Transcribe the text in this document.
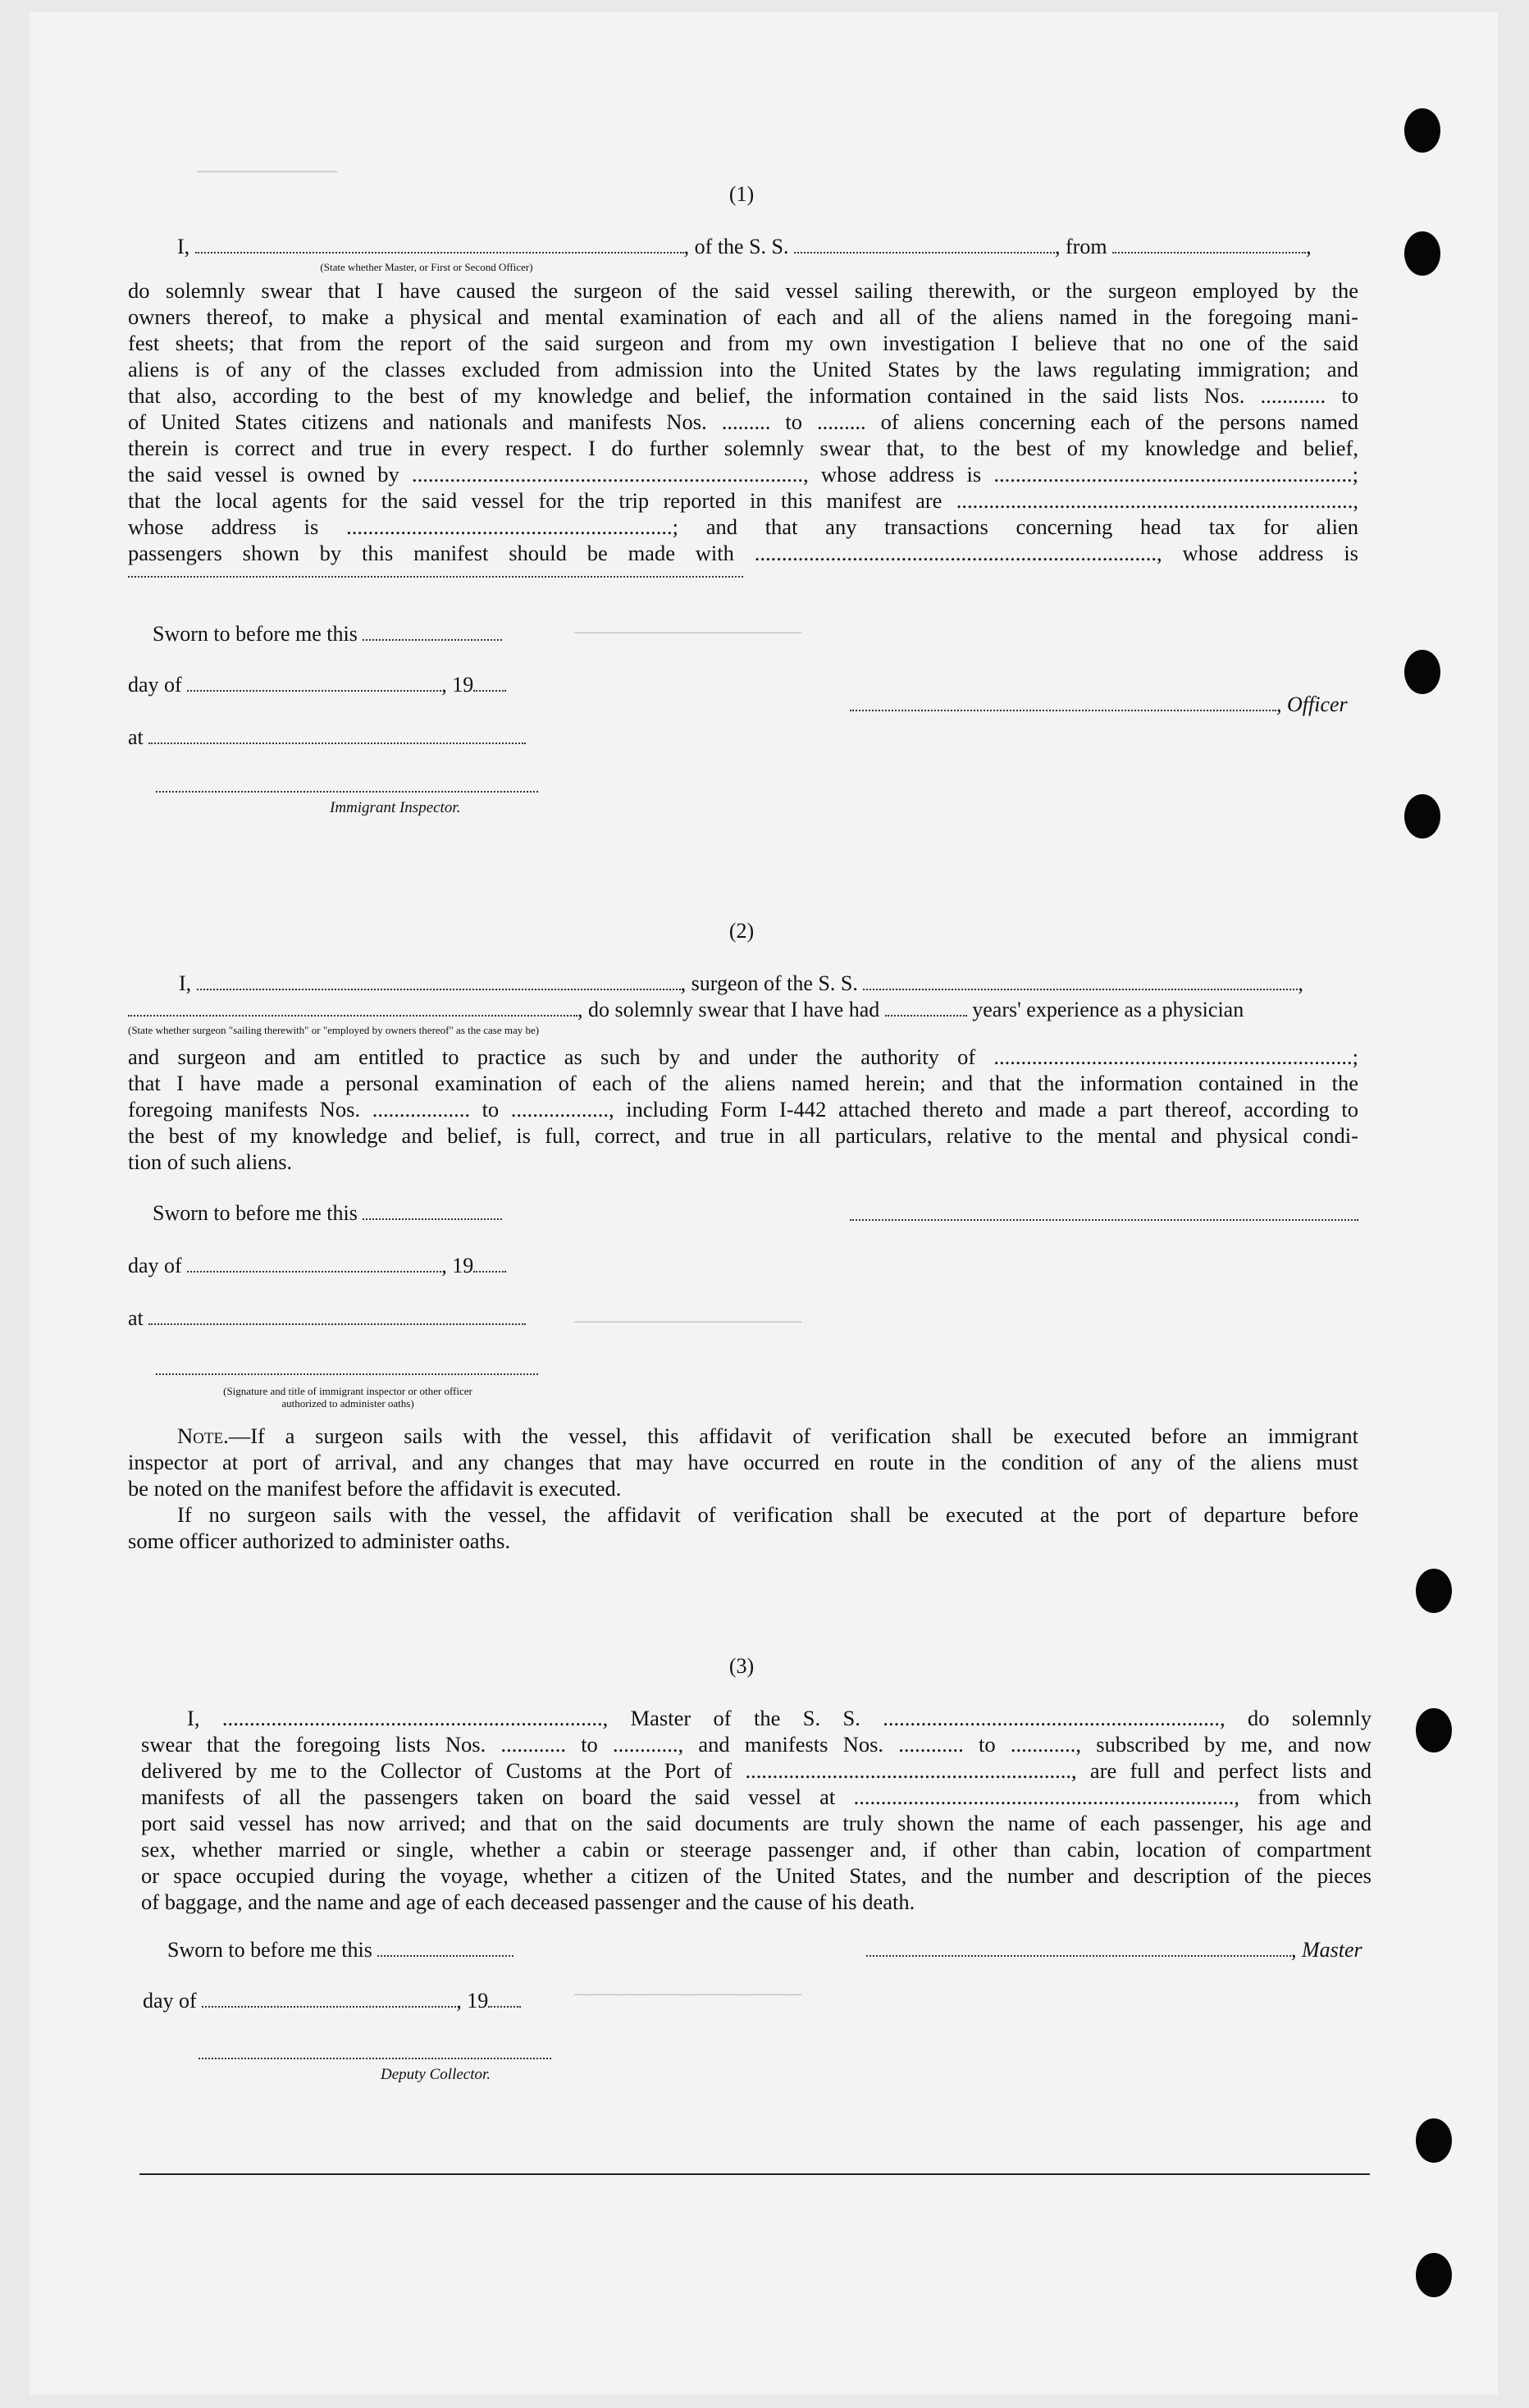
─────────────
─────────────────────
─────────────────────
─────────────────────
(1)
I,	, of the S. S.	, from	,
(State whether Master, or First or Second Officer)
do solemnly swear that I have caused the surgeon of the said vessel sailing therewith, or the surgeon employed by the
owners thereof, to make a physical and mental examination of each and all of the aliens named in the foregoing mani-
fest sheets; that from the report of the said surgeon and from my own investigation I believe that no one of the said
aliens is of any of the classes excluded from admission into the United States by the laws regulating immigration; and
that also, according to the best of my knowledge and belief, the information contained in the said lists Nos. ............ to
of United States citizens and nationals and manifests Nos. ......... to ......... of aliens concerning each of the persons named
therein is correct and true in every respect. I do further solemnly swear that, to the best of my knowledge and belief,
the said vessel is owned by ........................................................................, whose address is ..................................................................;
that the local agents for the said vessel for the trip reported in this manifest are .........................................................................,
whose address is ............................................................; and that any transactions concerning head tax for alien
passengers shown by this manifest should be made with .........................................................................., whose address is
Sworn to before me this
day of	, 19
at
Immigrant Inspector.
, Officer
(2)
I,	, surgeon of the S. S.	,
, do solemnly swear that I have had	years' experience as a physician
(State whether surgeon "sailing therewith" or "employed by owners thereof" as the case may be)
and surgeon and am entitled to practice as such by and under the authority of ..................................................................;
that I have made a personal examination of each of the aliens named herein; and that the information contained in the
foregoing manifests Nos. .................. to .................., including Form I-442 attached thereto and made a part thereof, according to
the best of my knowledge and belief, is full, correct, and true in all particulars, relative to the mental and physical condi-
tion of such aliens.
Sworn to before me this
day of	, 19
at
(Signature and title of immigrant inspector or other officer authorized to administer oaths)
Note.—If a surgeon sails with the vessel, this affidavit of verification shall be executed before an immigrant
inspector at port of arrival, and any changes that may have occurred en route in the condition of any of the aliens must
be noted on the manifest before the affidavit is executed.
If no surgeon sails with the vessel, the affidavit of verification shall be executed at the port of departure before
some officer authorized to administer oaths.
(3)
I, ......................................................................, Master of the S. S. .............................................................., do solemnly
swear that the foregoing lists Nos. ............ to ............, and manifests Nos. ............ to ............, subscribed by me, and now
delivered by me to the Collector of Customs at the Port of ............................................................, are full and perfect lists and
manifests of all the passengers taken on board the said vessel at ......................................................................, from which
port said vessel has now arrived; and that on the said documents are truly shown the name of each passenger, his age and
sex, whether married or single, whether a cabin or steerage passenger and, if other than cabin, location of compartment
or space occupied during the voyage, whether a citizen of the United States, and the number and description of the pieces
of baggage, and the name and age of each deceased passenger and the cause of his death.
Sworn to before me this
day of	, 19
Deputy Collector.
, Master
